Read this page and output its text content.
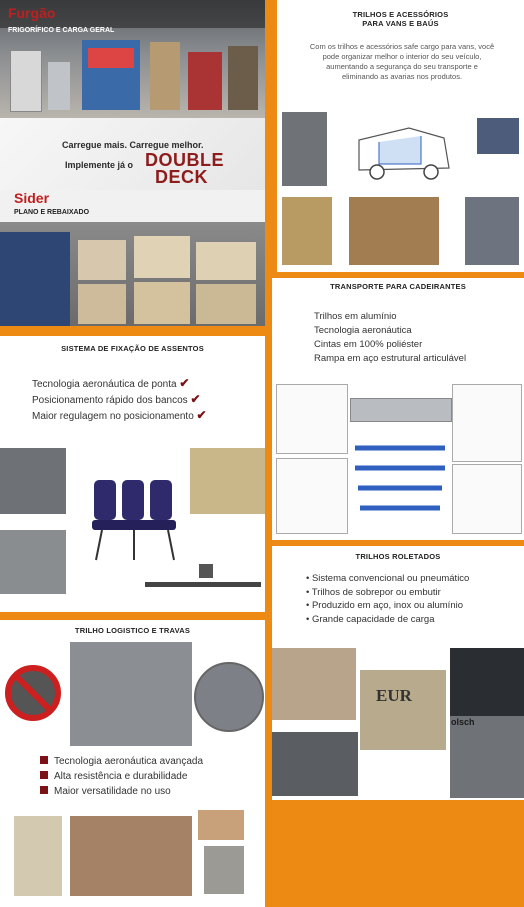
Furgão
FRIGORÍFICO E CARGA GERAL
Carregue mais. Carregue melhor.
Implemente já o DOUBLE
DECK
Sider
PLANO E REBAIXADO
TRILHOS E ACESSÓRIOS
PARA VANS E BAÚS
Com os trilhos e acessórios safe cargo para vans, você pode organizar melhor o interior do seu veículo, aumentando a segurança do seu transporte e eliminando as avarias nos produtos.
TRANSPORTE PARA CADEIRANTES
Trilhos em alumínio
Tecnologia aeronáutica
Cintas em 100% poliéster
Rampa em aço estrutural articulável
SISTEMA DE FIXAÇÃO DE ASSENTOS
Tecnologia aeronáutica de ponta ✔
Posicionamento rápido dos bancos ✔
Maior regulagem no posicionamento ✔
TRILHOS ROLETADOS
• Sistema convencional ou pneumático
• Trilhos de sobrepor ou embutir
• Produzido em aço, inox ou alumínio
• Grande capacidade de carga
EUR
olsch
TRILHO LOGISTICO E TRAVAS
Tecnologia aeronáutica avançada
Alta resistência e durabilidade
Maior versatilidade no uso
